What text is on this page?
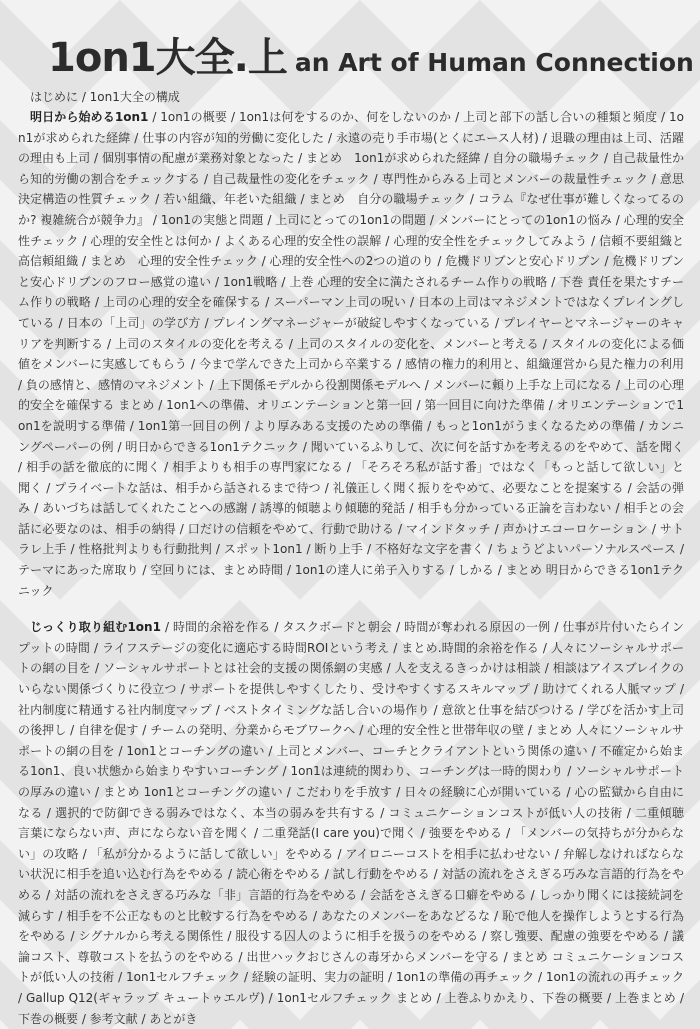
1on1大全.上 an Art of Human Connection
はじめに / 1on1大全の構成
明日から始める1on1 / 1on1の概要 / 1on1は何をするのか、何をしないのか / 上司と部下の話し合いの種類と頻度 / 1on1が求められた経緯 / 仕事の内容が知的労働に変化した / 永遠の売り手市場(とくにエース人材) / 退職の理由は上司、活躍の理由も上司 / 個別事情の配慮が業務対象となった / まとめ　1on1が求められた経緯 / 自分の職場チェック / 自己裁量性から知的労働の割合をチェックする / 自己裁量性の変化をチェック / 専門性からみる上司とメンバーの裁量性チェック / 意思決定構造の性質チェック / 若い組織、年老いた組織 / まとめ　自分の職場チェック / コラム『なぜ仕事が難しくなってるのか? 複雑統合が競争力』 / 1on1の実態と問題 / 上司にとっての1on1の問題 / メンバーにとっての1on1の悩み / 心理的安全性チェック / 心理的安全性とは何か / よくある心理的安全性の誤解 / 心理的安全性をチェックしてみよう / 信頼不要組織と高信頼組織 / まとめ　心理的安全性チェック / 心理的安全性への2つの道のり / 危機ドリブンと安心ドリブン / 危機ドリブンと安心ドリブンのフロー感覚の違い / 1on1戦略 / 上巻 心理的安全に満たされるチーム作りの戦略 / 下巻 責任を果たすチーム作りの戦略 / 上司の心理的安全を確保する / スーパーマン上司の呪い / 日本の上司はマネジメントではなくプレイングしている / 日本の「上司」の学び方 / プレイングマネージャーが破綻しやすくなっている / プレイヤーとマネージャーのキャリアを判断する / 上司のスタイルの変化を考える / 上司のスタイルの変化を、メンバーと考える / スタイルの変化による価値をメンバーに実感してもらう / 今まで学んできた上司から卒業する / 感情の権力的利用と、組織運営から見た権力の利用 / 負の感情と、感情のマネジメント / 上下関係モデルから役割関係モデルへ / メンバーに頼り上手な上司になる / 上司の心理的安全を確保する まとめ / 1on1への準備、オリエンテーションと第一回 / 第一回目に向けた準備 / オリエンテーションで1on1を説明する準備 / 1on1第一回目の例 / より厚みある支援のための準備 / もっと1on1がうまくなるための準備 / カンニングペーパーの例 / 明日からできる1on1テクニック / 聞いているふりして、次に何を話すかを考えるのをやめて、話を聞く / 相手の話を徹底的に聞く / 相手よりも相手の専門家になる / 「そろそろ私が話す番」ではなく「もっと話して欲しい」と聞く / プライベートな話は、相手から話されるまで待つ / 礼儀正しく聞く振りをやめて、必要なことを提案する / 会話の弾み / あいづちは話してくれたことへの感謝 / 誘導的傾聴より傾聴的発話 / 相手も分かっている正論を言わない / 相手との会話に必要なのは、相手の納得 / 口だけの信頼をやめて、行動で助ける / マインドタッチ / 声かけエコーロケーション / サトラレ上手 / 性格批判よりも行動批判 / スポット1on1 / 断り上手 / 不格好な文字を書く / ちょうどよいパーソナルスペース / テーマにあった席取り / 空回りには、まとめ時間 / 1on1の達人に弟子入りする / しかる / まとめ 明日からできる1on1テクニック
じっくり取り組む1on1 / 時間的余裕を作る / タスクボードと朝会 / 時間が奪われる原因の一例 / 仕事が片付いたらインプットの時間 / ライフステージの変化に適応する時間ROIという考え / まとめ.時間的余裕を作る / 人々にソーシャルサポートの網の目を / ソーシャルサポートとは社会的支援の関係網の実感 / 人を支えるきっかけは相談 / 相談はアイスブレイクのいらない関係づくりに役立つ / サポートを提供しやすくしたり、受けやすくするスキルマップ / 助けてくれる人脈マップ / 社内制度に精通する社内制度マップ / ベストタイミングな話し合いの場作り / 意欲と仕事を結びつける / 学びを活かす上司の後押し / 自律を促す / チームの発明、分業からモブワークへ / 心理的安全性と世帯年収の壁 / まとめ 人々にソーシャルサポートの網の目を / 1on1とコーチングの違い / 上司とメンバー、コーチとクライアントという関係の違い / 不確定から始まる1on1、良い状態から始まりやすいコーチング / 1on1は連続的関わり、コーチングは一時的関わり / ソーシャルサポートの厚みの違い / まとめ 1on1とコーチングの違い / こだわりを手放す / 日々の経験に心が開いている / 心の監獄から自由になる / 選択的で防御できる弱みではなく、本当の弱みを共有する / コミュニケーションコストが低い人の技術 / 二重傾聴　言葉にならない声、声にならない音を聞く / 二重発話(I care you)で聞く / 強要をやめる / 「メンバーの気持ちが分からない」の攻略 / 「私が分かるように話して欲しい」をやめる / アイロニーコストを相手に払わせない / 弁解しなければならない状況に相手を追い込む行為をやめる / 読心術をやめる / 試し行動をやめる / 対話の流れをさえぎる巧みな言語的行為をやめる / 対話の流れをさえぎる巧みな「非」言語的行為をやめる / 会話をさえぎる口癖をやめる / しっかり聞くには接続詞を減らす / 相手を不公正なものと比較する行為をやめる / あなたのメンバーをあなどるな / 恥で他人を操作しようとする行為をやめる / シグナルから考える関係性 / 服役する囚人のように相手を扱うのをやめる / 察し強要、配慮の強要をやめる / 議論コスト、尊敬コストを払うのをやめる / 出世ハックおじさんの毒牙からメンバーを守る / まとめ コミュニケーションコストが低い人の技術 / 1on1セルフチェック / 経験の証明、実力の証明 / 1on1の準備の再チェック / 1on1の流れの再チェック / Gallup Q12(ギャラップ キュートゥエルヴ) / 1on1セルフチェック まとめ / 上巻ふりかえり、下巻の概要 / 上巻まとめ / 下巻の概要 / 参考文献 / あとがき
